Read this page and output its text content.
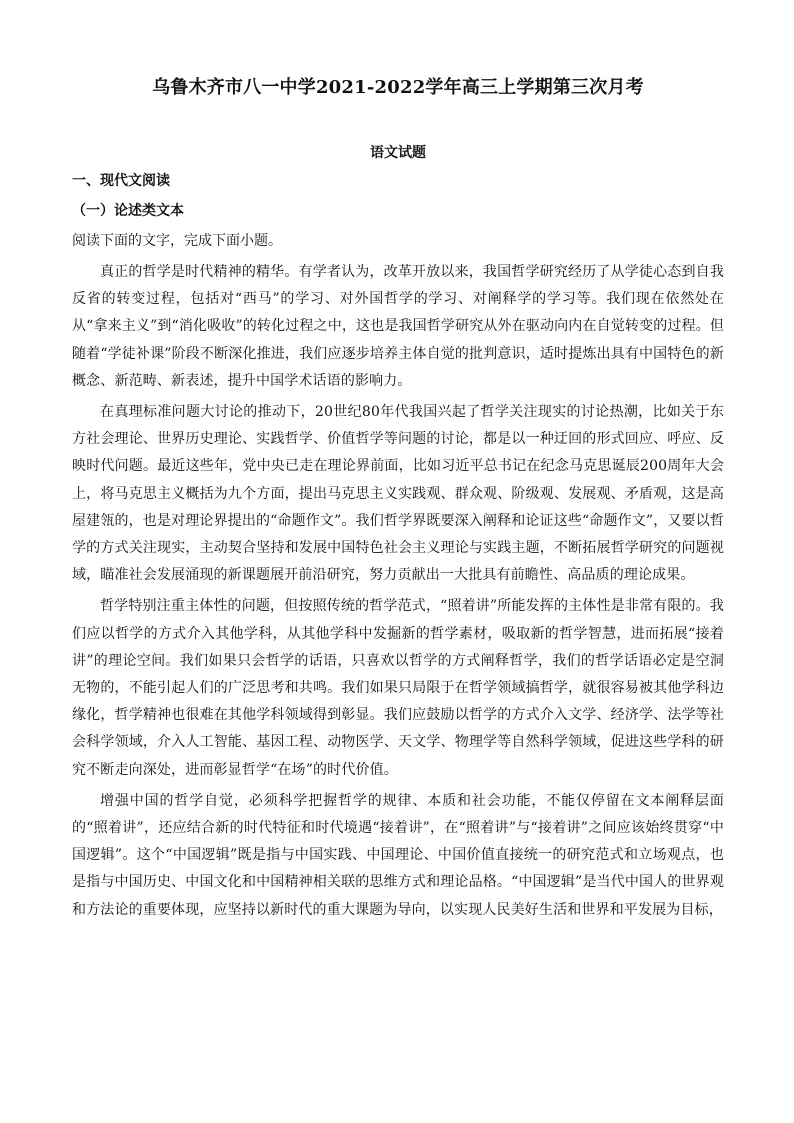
乌鲁木齐市八一中学2021-2022学年高三上学期第三次月考
语文试题
一、现代文阅读
（一）论述类文本
阅读下面的文字，完成下面小题。

真正的哲学是时代精神的精华。有学者认为，改革开放以来，我国哲学研究经历了从学徒心态到自我反省的转变过程，包括对“西马”的学习、对外国哲学的学习、对阐释学的学习等。我们现在依然处在从“拿来主义”到“消化吸收”的转化过程之中，这也是我国哲学研究从外在驱动向内在自觉转变的过程。但随着“学徒补课”阶段不断深化推进，我们应逐步培养主体自觉的批判意识，适时提炼出具有中国特色的新概念、新范畴、新表述，提升中国学术话语的影响力。

在真理标准问题大讨论的推动下，20世纪80年代我国兴起了哲学关注现实的讨论热潮，比如关于东方社会理论、世界历史理论、实践哲学、价值哲学等问题的讨论，都是以一种迂回的形式回应、呼应、反映时代问题。最近这些年，党中央已走在理论界前面，比如习近平总书记在纪念马克思诞辰200周年大会上，将马克思主义概括为九个方面，提出马克思主义实践观、群众观、阶级观、发展观、矛盾观，这是高屋建瓴的，也是对理论界提出的“命题作文”。我们哲学界既要深入阐释和论证这些“命题作文”，又要以哲学的方式关注现实，主动契合坚持和发展中国特色社会主义理论与实践主题，不断拓展哲学研究的问题视域，瞄准社会发展涌现的新课题展开前沿研究，努力贡献出一大批具有前瞻性、高品质的理论成果。

哲学特别注重主体性的问题，但按照传统的哲学范式，“照着讲”所能发挥的主体性是非常有限的。我们应以哲学的方式介入其他学科，从其他学科中发掘新的哲学素材，吸取新的哲学智慧，进而拓展“接着讲”的理论空间。我们如果只会哲学的话语，只喜欢以哲学的方式阐释哲学，我们的哲学话语必定是空洞无物的，不能引起人们的广泛思考和共鸣。我们如果只局限于在哲学领域搞哲学，就很容易被其他学科边缘化，哲学精神也很难在其他学科领域得到彰显。我们应鼓励以哲学的方式介入文学、经济学、法学等社会科学领域，介入人工智能、基因工程、动物医学、天文学、物理学等自然科学领域，促进这些学科的研究不断走向深处，进而彰显哲学“在场”的时代价值。

增强中国的哲学自觉，必须科学把握哲学的规律、本质和社会功能，不能仅停留在文本阐释层面的“照着讲”，还应结合新的时代特征和时代境遇“接着讲”，在“照着讲”与“接着讲”之间应该始终贯穿“中国逻辑”。这个“中国逻辑”既是指与中国实践、中国理论、中国价值直接统一的研究范式和立场观点，也是指与中国历史、中国文化和中国精神相关联的思维方式和理论品格。“中国逻辑”是当代中国人的世界观和方法论的重要体现，应坚持以新时代的重大课题为导向，以实现人民美好生活和世界和平发展为目标，
